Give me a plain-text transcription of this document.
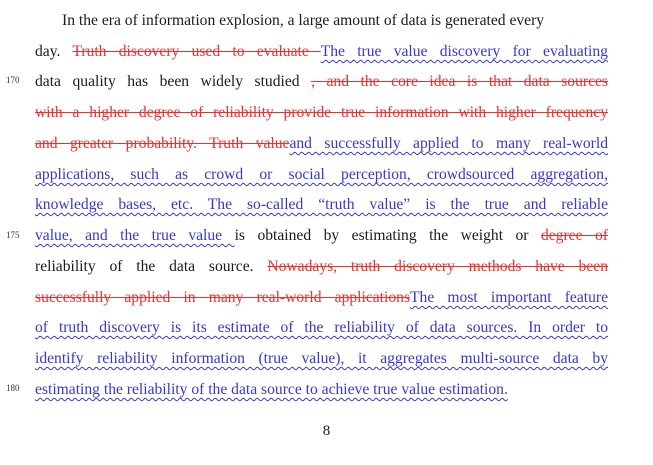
In the era of information explosion, a large amount of data is generated every
day. Truth discovery used to evaluate The true value discovery for evaluating
data quality has been widely studied , and the core idea is that data sources
with a higher degree of reliability provide true information with higher frequency
and greater probability. Truth valueand successfully applied to many real-world
applications, such as crowd or social perception, crowdsourced aggregation,
knowledge bases, etc. The so-called “truth value” is the true and reliable
value, and the true value is obtained by estimating the weight or degree of
reliability of the data source. Nowadays, truth discovery methods have been
successfully applied in many real-world applicationsThe most important feature
of truth discovery is its estimate of the reliability of data sources. In order to
identify reliability information (true value), it aggregates multi-source data by
estimating the reliability of the data source to achieve true value estimation.
170
175
180
8
